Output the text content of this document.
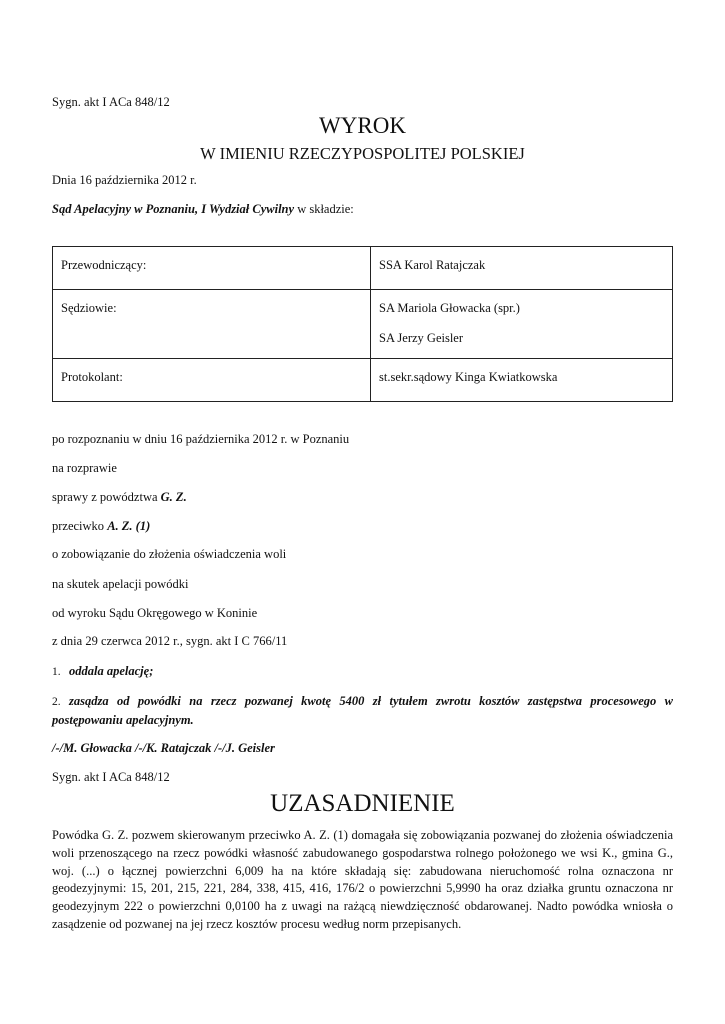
Sygn. akt I ACa 848/12
WYROK
W IMIENIU RZECZYPOSPOLITEJ POLSKIEJ
Dnia 16 października 2012 r.
Sąd Apelacyjny w Poznaniu, I Wydział Cywilny w składzie:
Przewodniczący:	SSA Karol Ratajczak

Sędziowie:	SA Mariola Głowacka (spr.)
SA Jerzy Geisler

Protokolant:	st.sekr.sądowy Kinga Kwiatkowska
po rozpoznaniu w dniu 16 października 2012 r. w Poznaniu
na rozprawie
sprawy z powództwa G. Z.
przeciwko A. Z. (1)
o zobowiązanie do złożenia oświadczenia woli
na skutek apelacji powódki
od wyroku Sądu Okręgowego w Koninie
z dnia 29 czerwca 2012 r., sygn. akt I C 766/11
1. oddala apelację;
2. zasądza od powódki na rzecz pozwanej kwotę 5400 zł tytułem zwrotu kosztów zastępstwa procesowego w postępowaniu apelacyjnym.
/-/M. Głowacka /-/K. Ratajczak /-/J. Geisler
Sygn. akt I ACa 848/12
UZASADNIENIE
Powódka G. Z. pozwem skierowanym przeciwko A. Z. (1) domagała się zobowiązania pozwanej do złożenia oświadczenia woli przenoszącego na rzecz powódki własność zabudowanego gospodarstwa rolnego położonego we wsi K., gmina G., woj. (...) o łącznej powierzchni 6,009 ha na które składają się: zabudowana nieruchomość rolna oznaczona nr geodezyjnymi: 15, 201, 215, 221, 284, 338, 415, 416, 176/2 o powierzchni 5,9990 ha oraz działka gruntu oznaczona nr geodezyjnym 222 o powierzchni 0,0100 ha z uwagi na rażącą niewdzięczność obdarowanej. Nadto powódka wniosła o zasądzenie od pozwanej na jej rzecz kosztów procesu według norm przepisanych.
